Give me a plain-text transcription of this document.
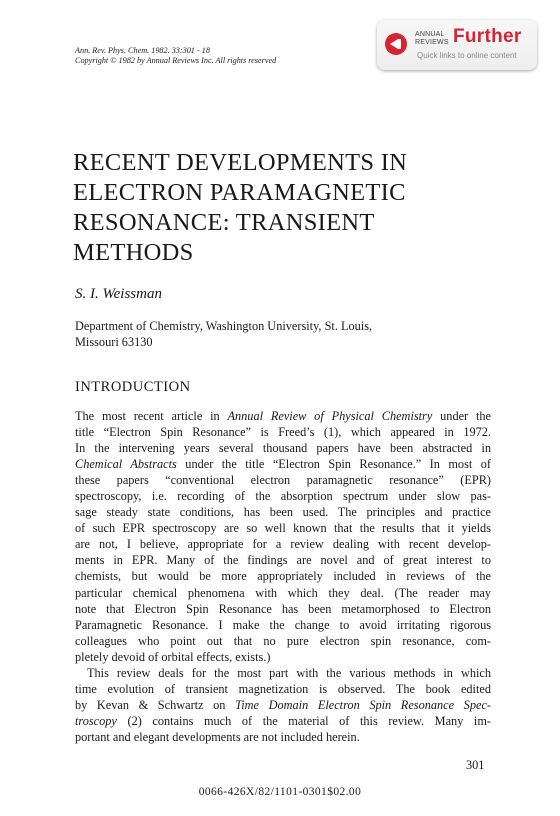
Ann. Rev. Phys. Chem. 1982. 33:301 - 18
Copyright © 1982 by Annual Reviews Inc. All rights reserved
ANNUAL
REVIEWS Further
Quick links to online content
RECENT DEVELOPMENTS IN
ELECTRON PARAMAGNETIC
RESONANCE: TRANSIENT
METHODS
S. I. Weissman
Department of Chemistry, Washington University, St. Louis,
Missouri 63130
INTRODUCTION
The most recent article in Annual Review of Physical Chemistry under the
title “Electron Spin Resonance” is Freed’s (1), which appeared in 1972.
In the intervening years several thousand papers have been abstracted in
Chemical Abstracts under the title “Electron Spin Resonance.” In most of
these papers “conventional electron paramagnetic resonance” (EPR)
spectroscopy, i.e. recording of the absorption spectrum under slow pas-
sage steady state conditions, has been used. The principles and practice
of such EPR spectroscopy are so well known that the results that it yields
are not, I believe, appropriate for a review dealing with recent develop-
ments in EPR. Many of the findings are novel and of great interest to
chemists, but would be more appropriately included in reviews of the
particular chemical phenomena with which they deal. (The reader may
note that Electron Spin Resonance has been metamorphosed to Electron
Paramagnetic Resonance. I make the change to avoid irritating rigorous
colleagues who point out that no pure electron spin resonance, com-
pletely devoid of orbital effects, exists.)
This review deals for the most part with the various methods in which
time evolution of transient magnetization is observed. The book edited
by Kevan & Schwartz on Time Domain Electron Spin Resonance Spec-
troscopy (2) contains much of the material of this review. Many im-
portant and elegant developments are not included herein.
301
0066-426X/82/1101-0301$02.00
